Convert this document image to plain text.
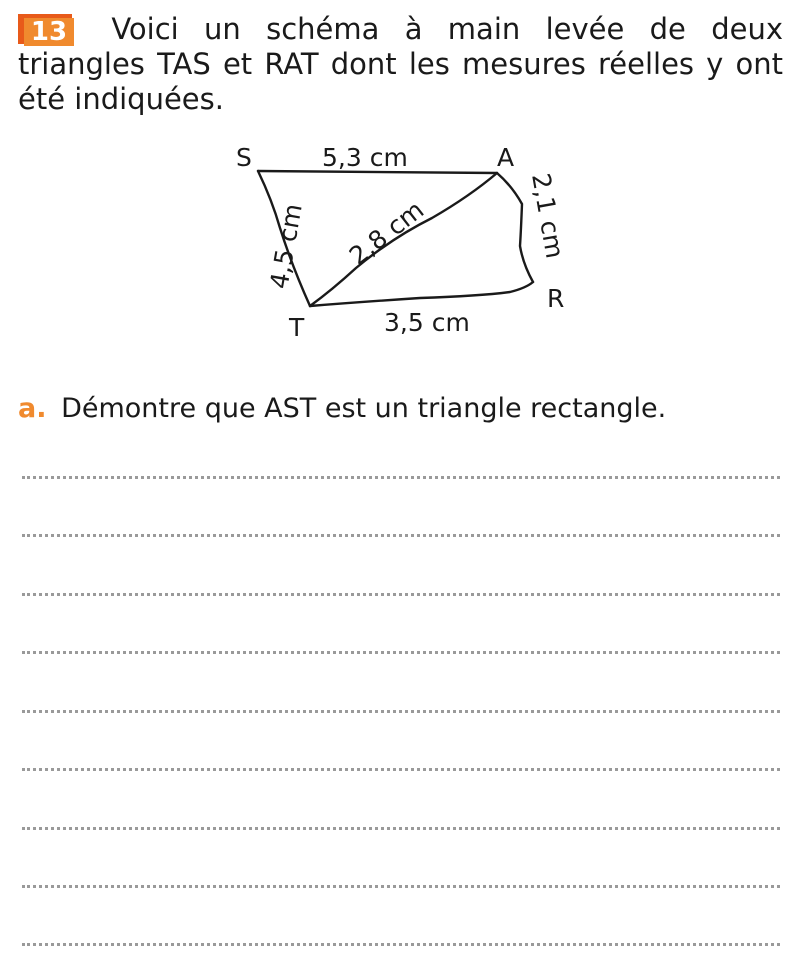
13 Voici un schéma à main levée de deux
triangles TAS et RAT dont les mesures réelles y ont
été indiquées.
S	A
T
R
5,3 cm
3,5 cm
4,5 cm 2,8 cm	2,1 cm
a. Démontre que AST est un triangle rectangle.
